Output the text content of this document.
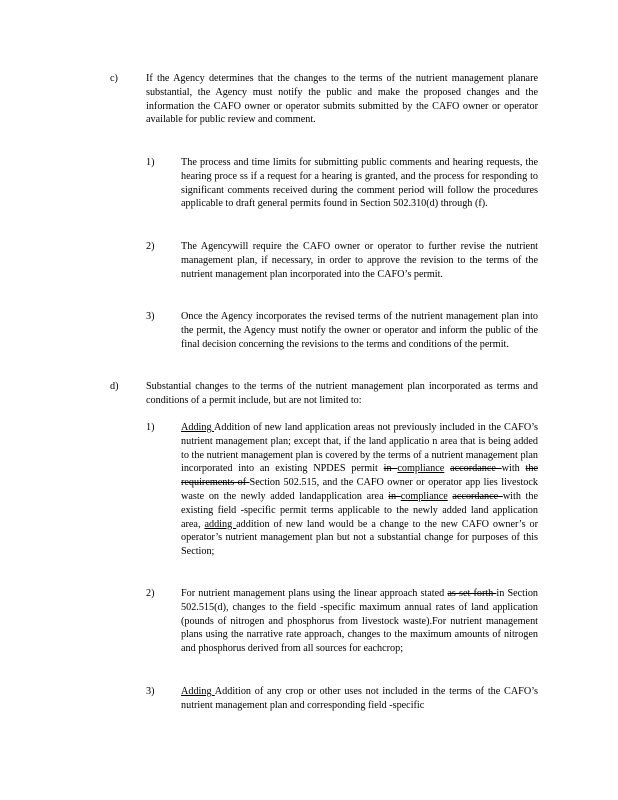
c)	If the Agency determines that the changes to the terms of the nutrient management planare substantial, the Agency must notify the public and make the proposed changes and the information the CAFO owner or operator submits submitted by the CAFO owner or operator available for public review and comment.
1)	The process and time limits for submitting public comments and hearing requests, the hearing proce ss if a request for a hearing is granted, and the process for responding to significant comments received during the comment period will follow the procedures applicable to draft general permits found in Section 502.310(d) through (f).
2)	The Agencywill require the CAFO owner or operator to further revise the nutrient management plan, if necessary, in order to approve the revision to the terms of the nutrient management plan incorporated into the CAFO’s permit.
3)	Once the Agency incorporates the revised terms of the nutrient management plan into the permit, the Agency must notify the owner or operator and inform the public of the final decision concerning the revisions to the terms and conditions of the permit.
d)	Substantial changes to the terms of the nutrient management plan incorporated as terms and conditions of a permit include, but are not limited to:
1)	Adding Addition of new land application areas not previously included in the CAFO’s nutrient management plan; except that, if the land applicatio n area that is being added to the nutrient management plan is covered by the terms of a nutrient management plan incorporated into an existing NPDES permit in compliance accordance with the requirements of Section 502.515, and the CAFO owner or operator app lies livestock waste on the newly added landapplication area in compliance accordance with the existing field -specific permit terms applicable to the newly added land application area, adding addition of new land would be a change to the new CAFO owner’s or operator’s nutrient management plan but not a substantial change for purposes of this Section;
2)	For nutrient management plans using the linear approach stated as set forth in Section 502.515(d), changes to the field -specific maximum annual rates of land application (pounds of nitrogen and phosphorus from livestock waste).For nutrient management plans using the narrative rate approach, changes to the maximum amounts of nitrogen and phosphorus derived from all sources for eachcrop;
3)	Adding Addition of any crop or other uses not included in the terms of the CAFO’s nutrient management plan and corresponding field -specific
